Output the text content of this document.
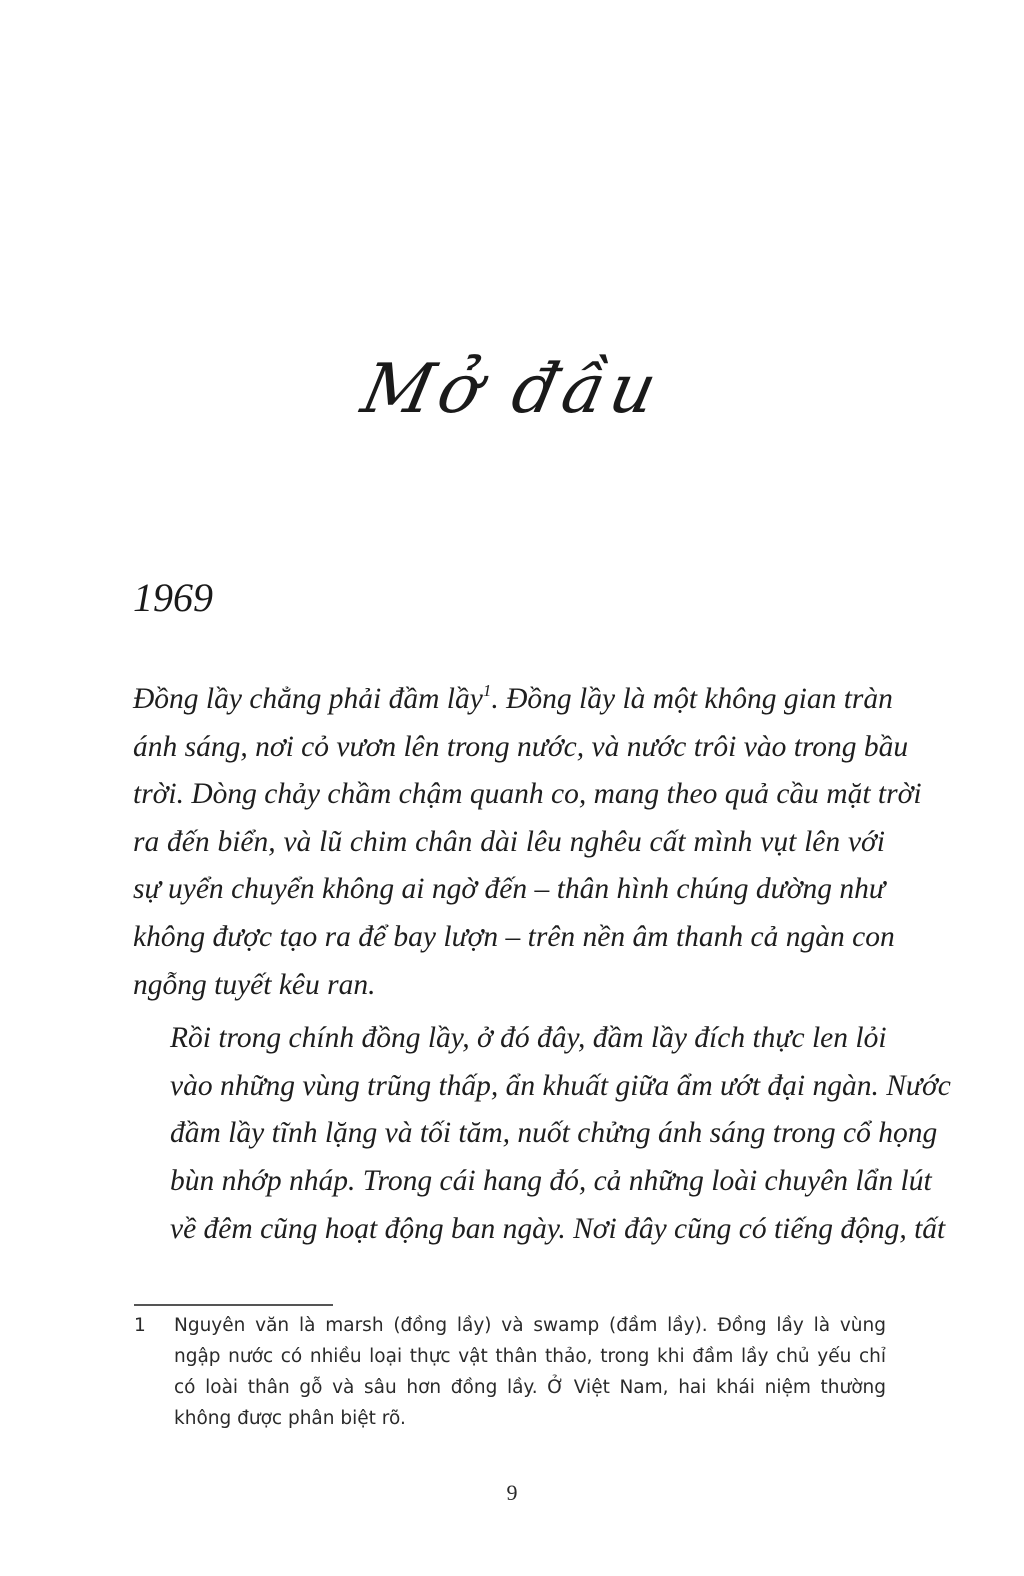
Mở đầu
1969

Đồng lầy chẳng phải đầm lầy$^1$. Đồng lầy là một không gian tràn
ánh sáng, nơi cỏ vươn lên trong nước, và nước trôi vào trong bầu
trời. Dòng chảy chầm chậm quanh co, mang theo quả cầu mặt trời
ra đến biển, và lũ chim chân dài lêu nghêu cất mình vụt lên với
sự uyển chuyển không ai ngờ đến – thân hình chúng dường như
không được tạo ra để bay lượn – trên nền âm thanh cả ngàn con
ngỗng tuyết kêu ran.

Rồi trong chính đồng lầy, ở đó đây, đầm lầy đích thực len lỏi
vào những vùng trũng thấp, ẩn khuất giữa ẩm ướt đại ngàn. Nước
đầm lầy tĩnh lặng và tối tăm, nuốt chửng ánh sáng trong cổ họng
bùn nhớp nháp. Trong cái hang đó, cả những loài chuyên lẩn lút
về đêm cũng hoạt động ban ngày. Nơi đây cũng có tiếng động, tất

1	Nguyên văn là marsh (đồng lầy) và swamp (đầm lầy). Đồng lầy là vùng
ngập nước có nhiều loại thực vật thân thảo, trong khi đầm lầy chủ yếu chỉ
có loài thân gỗ và sâu hơn đồng lầy. Ở Việt Nam, hai khái niệm thường
không được phân biệt rõ.
9
